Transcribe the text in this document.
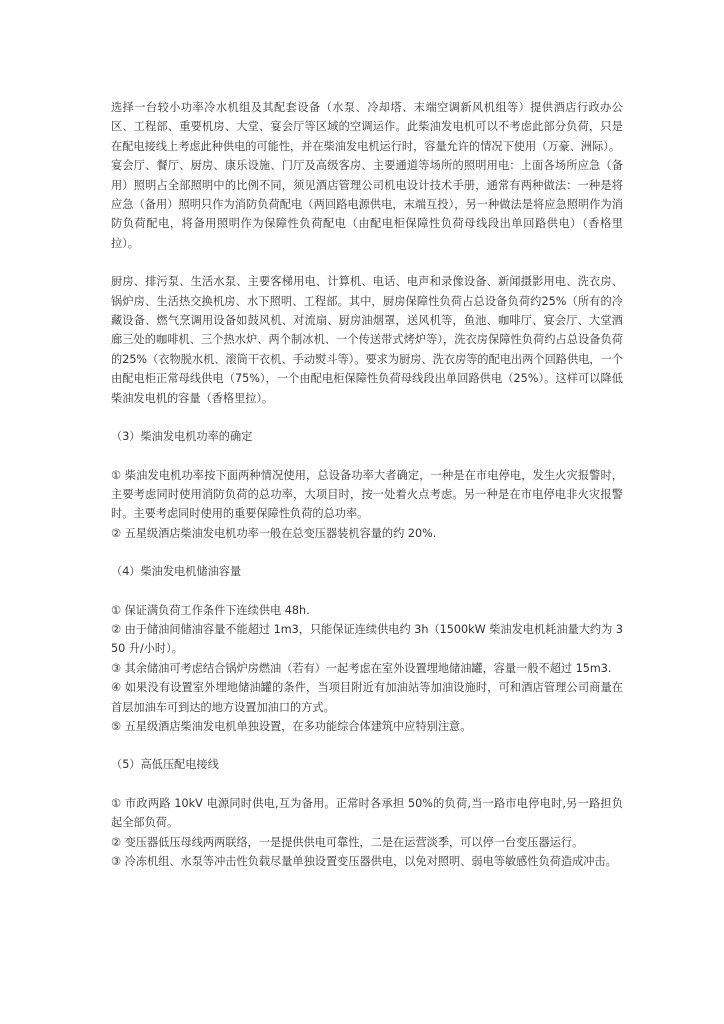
选择一台较小功率冷水机组及其配套设备（水泵、冷却塔、末端空调新风机组等）提供酒店行政办公区、工程部、重要机房、大堂、宴会厅等区域的空调运作。此柴油发电机可以不考虑此部分负荷，只是在配电接线上考虑此种供电的可能性，并在柴油发电机运行时，容量允许的情况下使用（万豪、洲际）。

宴会厅、餐厅、厨房、康乐设施、门厅及高级客房、主要通道等场所的照明用电：上面各场所应急（备用）照明占全部照明中的比例不同，须见酒店管理公司机电设计技术手册，通常有两种做法：一种是将应急（备用）照明只作为消防负荷配电（两回路电源供电，末端互投），另一种做法是将应急照明作为消防负荷配电，将备用照明作为保障性负荷配电（由配电柜保障性负荷母线段出单回路供电）（香格里拉）。

厨房、排污泵、生活水泵、主要客梯用电、计算机、电话、电声和录像设备、新闻摄影用电、洗衣房、锅炉房、生活热交换机房、水下照明、工程部。其中，厨房保障性负荷占总设备负荷约25%（所有的冷藏设备、燃气烹调用设备如鼓风机、对流扇、厨房油烟罩，送风机等，鱼池、咖啡厅、宴会厅、大堂酒廊三处的咖啡机、三个热水炉、两个制冰机、一个传送带式烤炉等），洗衣房保障性负荷约占总设备负荷的25%（衣物脱水机、滚筒干衣机、手动熨斗等）。要求为厨房、洗衣房等的配电出两个回路供电，一个由配电柜正常母线供电（75%），一个由配电柜保障性负荷母线段出单回路供电（25%）。这样可以降低柴油发电机的容量（香格里拉）。

（3）柴油发电机功率的确定

① 柴油发电机功率按下面两种情况使用，总设备功率大者确定，一种是在市电停电，发生火灾报警时，主要考虑同时使用消防负荷的总功率，大项目时，按一处着火点考虑。另一种是在市电停电非火灾报警时。主要考虑同时使用的重要保障性负荷的总功率。

② 五星级酒店柴油发电机功率一般在总变压器装机容量的约 20%.

（4）柴油发电机储油容量

① 保证满负荷工作条件下连续供电 48h.

② 由于储油间储油容量不能超过 1m3，只能保证连续供电约 3h（1500kW 柴油发电机耗油量大约为 350 升/小时）。

③ 其余储油可考虑结合锅炉房燃油（若有）一起考虑在室外设置埋地储油罐，容量一般不超过 15m3.

④ 如果没有设置室外埋地储油罐的条件，当项目附近有加油站等加油设施时，可和酒店管理公司商量在首层加油车可到达的地方设置加油口的方式。

⑤ 五星级酒店柴油发电机单独设置，在多功能综合体建筑中应特别注意。

（5）高低压配电接线

① 市政两路 10kV 电源同时供电,互为备用。正常时各承担 50%的负荷,当一路市电停电时,另一路担负起全部负荷。

② 变压器低压母线两两联络，一是提供供电可靠性，二是在运营淡季，可以停一台变压器运行。

③ 冷冻机组、水泵等冲击性负载尽量单独设置变压器供电，以免对照明、弱电等敏感性负荷造成冲击。
